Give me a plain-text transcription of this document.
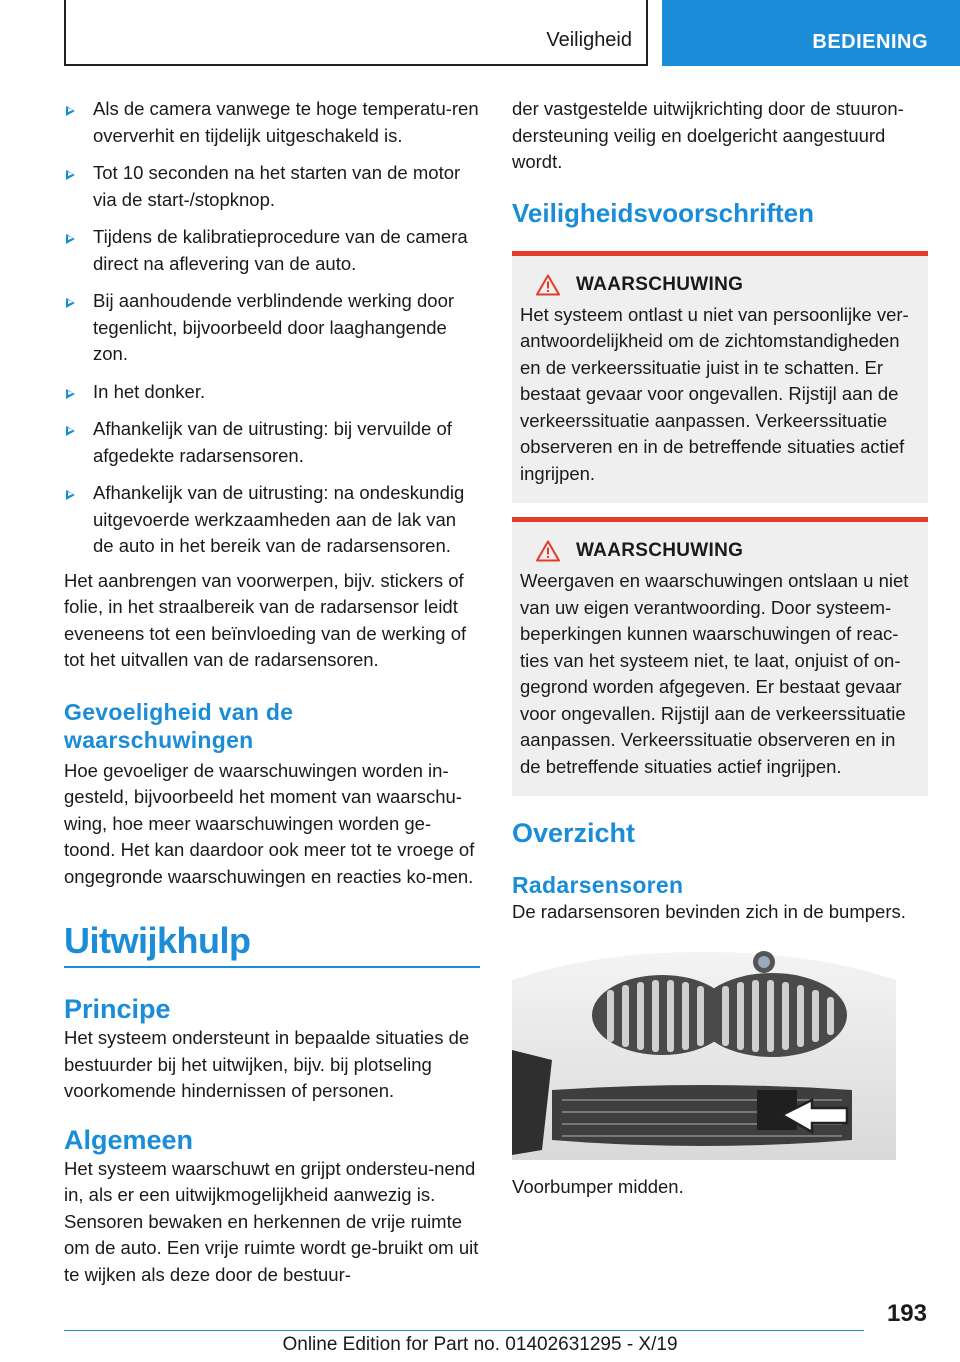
Veiligheid	BEDIENING
Als de camera vanwege te hoge temperatu‐ren oververhit en tijdelijk uitgeschakeld is.
Tot 10 seconden na het starten van de motor via de start-/stopknop.
Tijdens de kalibratieprocedure van de camera direct na aflevering van de auto.
Bij aanhoudende verblindende werking door tegenlicht, bijvoorbeeld door laaghangende zon.
In het donker.
Afhankelijk van de uitrusting: bij vervuilde of afgedekte radarsensoren.
Afhankelijk van de uitrusting: na ondeskundig uitgevoerde werkzaamheden aan de lak van de auto in het bereik van de radarsensoren.

Het aanbrengen van voorwerpen, bijv. stickers of folie, in het straalbereik van de radarsensor leidt eveneens tot een beïnvloeding van de werking of tot het uitvallen van de radarsensoren.

Gevoeligheid van de waarschuwingen

Hoe gevoeliger de waarschuwingen worden in‐gesteld, bijvoorbeeld het moment van waarschu‐wing, hoe meer waarschuwingen worden ge‐toond. Het kan daardoor ook meer tot te vroege of ongegronde waarschuwingen en reacties ko‐men.

Uitwijkhulp
Principe

Het systeem ondersteunt in bepaalde situaties de bestuurder bij het uitwijken, bijv. bij plotseling voorkomende hindernissen of personen.

Algemeen

Het systeem waarschuwt en grijpt ondersteu‐nend in, als er een uitwijkmogelijkheid aanwezig is. Sensoren bewaken en herkennen de vrije ruimte om de auto. Een vrije ruimte wordt ge‐bruikt om uit te wijken als deze door de bestuur‐

der vastgestelde uitwijkrichting door de stuuron‐dersteuning veilig en doelgericht aangestuurd wordt.

Veiligheidsvoorschriften
WAARSCHUWING

Het systeem ontlast u niet van persoonlijke ver‐antwoordelijkheid om de zichtomstandigheden en de verkeerssituatie juist in te schatten. Er bestaat gevaar voor ongevallen. Rijstijl aan de verkeerssituatie aanpassen. Verkeerssituatie observeren en in de betreffende situaties actief ingrijpen.

WAARSCHUWING

Weergaven en waarschuwingen ontslaan u niet van uw eigen verantwoording. Door systeem‐beperkingen kunnen waarschuwingen of reac‐ties van het systeem niet, te laat, onjuist of on‐gegrond worden afgegeven. Er bestaat gevaar voor ongevallen. Rijstijl aan de verkeerssituatie aanpassen. Verkeerssituatie observeren en in de betreffende situaties actief ingrijpen.

Overzicht
Radarsensoren

De radarsensoren bevinden zich in de bumpers.

Voorbumper midden.

193
Online Edition for Part no. 01402631295 - X/19
